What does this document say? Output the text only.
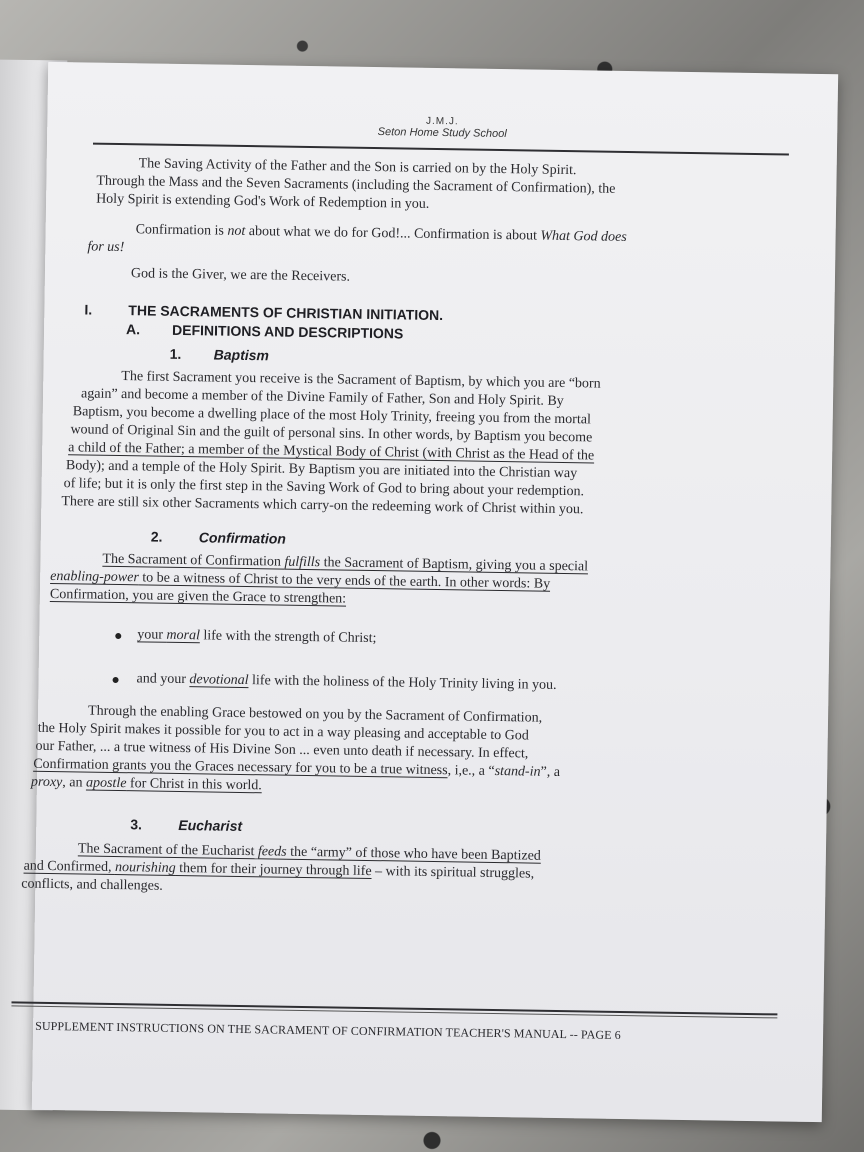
J.M.J.
Seton Home Study School
The Saving Activity of the Father and the Son is carried on by the Holy Spirit.
Through the Mass and the Seven Sacraments (including the Sacrament of Confirmation), the
Holy Spirit is extending God's Work of Redemption in you.
Confirmation is not about what we do for God!... Confirmation is about What God does
for us!
God is the Giver, we are the Receivers.
I.	THE SACRAMENTS OF CHRISTIAN INITIATION.
A. DEFINITIONS AND DESCRIPTIONS
1. Baptism
The first Sacrament you receive is the Sacrament of Baptism, by which you are “born
again” and become a member of the Divine Family of Father, Son and Holy Spirit. By
Baptism, you become a dwelling place of the most Holy Trinity, freeing you from the mortal
wound of Original Sin and the guilt of personal sins. In other words, by Baptism you become
a child of the Father; a member of the Mystical Body of Christ (with Christ as the Head of the
Body); and a temple of the Holy Spirit. By Baptism you are initiated into the Christian way
of life; but it is only the first step in the Saving Work of God to bring about your redemption.
There are still six other Sacraments which carry-on the redeeming work of Christ within you.
2.	Confirmation
The Sacrament of Confirmation fulfills the Sacrament of Baptism, giving you a special
enabling-power to be a witness of Christ to the very ends of the earth. In other words: By
Confirmation, you are given the Grace to strengthen:
your moral life with the strength of Christ;
and your devotional life with the holiness of the Holy Trinity living in you.
Through the enabling Grace bestowed on you by the Sacrament of Confirmation,
the Holy Spirit makes it possible for you to act in a way pleasing and acceptable to God
our Father, ... a true witness of His Divine Son ... even unto death if necessary. In effect,
Confirmation grants you the Graces necessary for you to be a true witness, i,e., a “stand-in”, a
proxy, an apostle for Christ in this world.
3.	Eucharist
The Sacrament of the Eucharist feeds the “army” of those who have been Baptized
and Confirmed, nourishing them for their journey through life – with its spiritual struggles,
conflicts, and challenges.
SUPPLEMENT INSTRUCTIONS ON THE SACRAMENT OF CONFIRMATION TEACHER'S MANUAL -- PAGE 6
